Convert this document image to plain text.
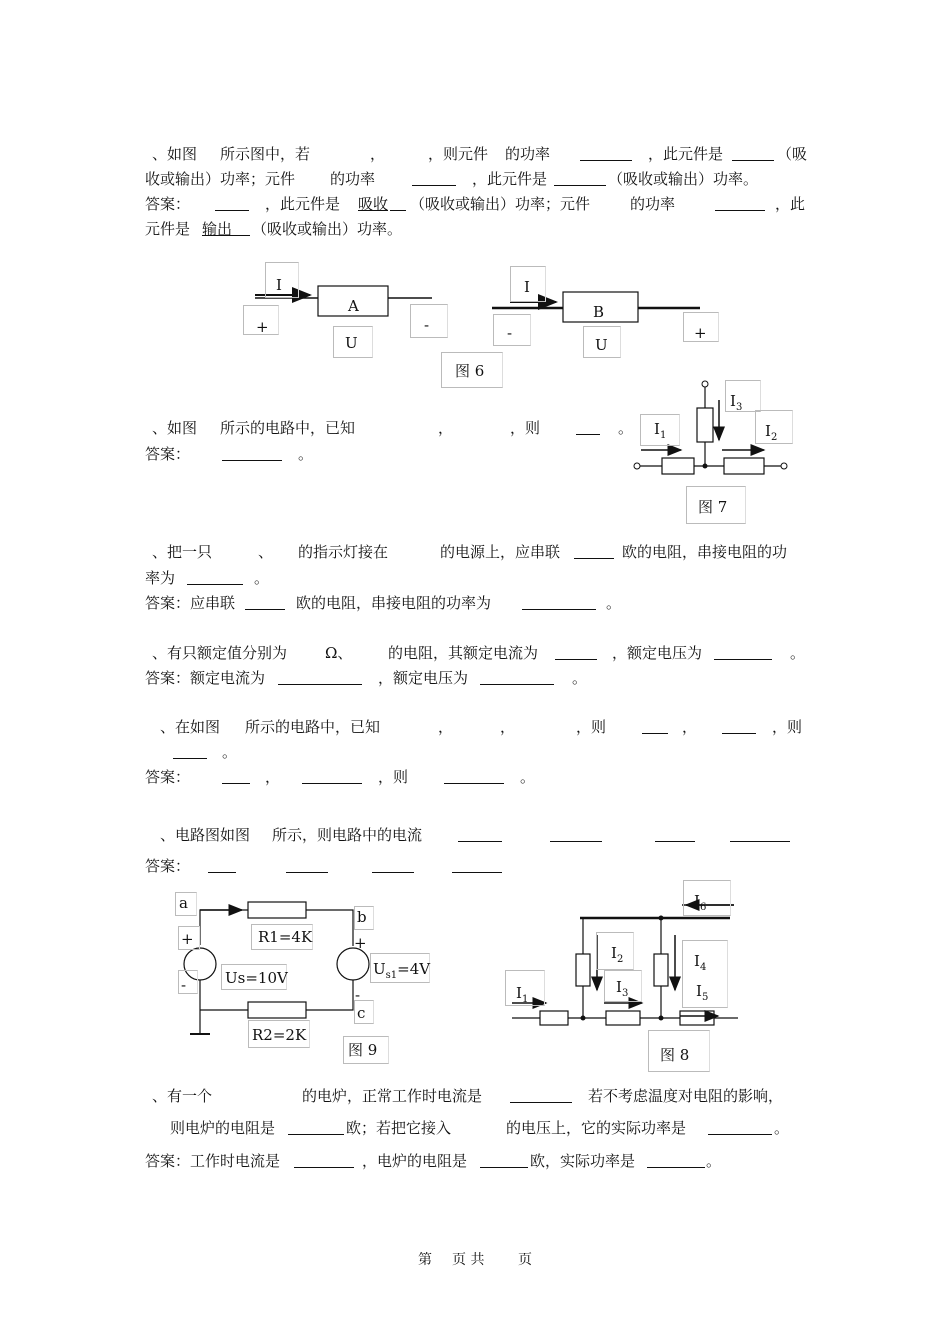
、如图 所示图中，若	，	，则元件 的功率	，此元件是	（吸
收或输出）功率；元件 的功率	，此元件是	（吸收或输出）功率。
答案：	，此元件是 吸收 （吸收或输出）功率；元件	的功率	，此
元件是 输出 （吸收或输出）功率。
I
A
+	-
U
I
B
-	+
U
图 6
、如图 所示的电路中，已知	，	，则	。
答案：	。
$I_3$
$I_1$	$I_2$
图 7
、把一只	、 的指示灯接在	的电源上，应串联	欧的电阻，串接电阻的功
率为	。
答案：应串联	欧的电阻，串接电阻的功率为	。
、有只额定值分别为	Ω、 的电阻，其额定电流为	，额定电压为	。
答案：额定电流为	，额定电压为	。
、在如图 所示的电路中，已知	，	，	，则	，	，则
。
答案：	，	，则	。
、电路图如图 所示，则电路中的电流
答案：
a
b
+
-
+
-
c
R1=4K
Us=10V	$U_{s1}=4V$
R2=2K
图 9
$I_6$
$I_2$
$I_3$
$I_4$
$I_5$
$I_1$
图 8
、有一个	的电炉，正常工作时电流是	若不考虑温度对电阻的影响，
则电炉的电阻是	欧；若把它接入	的电压上，它的实际功率是	。
答案：工作时电流是	，电炉的电阻是	欧，实际功率是	。
第 页 共 页
